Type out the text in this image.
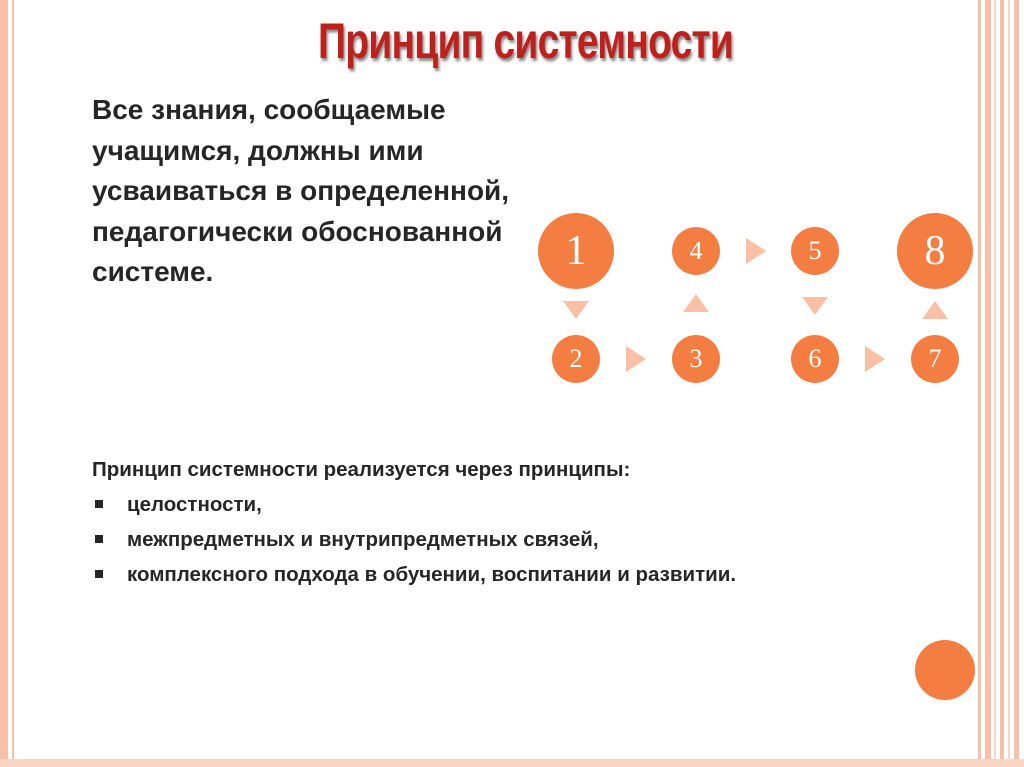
Принцип системности
Все знания, сообщаемые учащимся, должны ими усваиваться в определенной, педагогически обоснованной системе.	1
2	3
4	5
6	7
8
Принцип системности реализуется через принципы:
целостности,
межпредметных и внутрипредметных связей,
комплексного подхода в обучении, воспитании и развитии.
